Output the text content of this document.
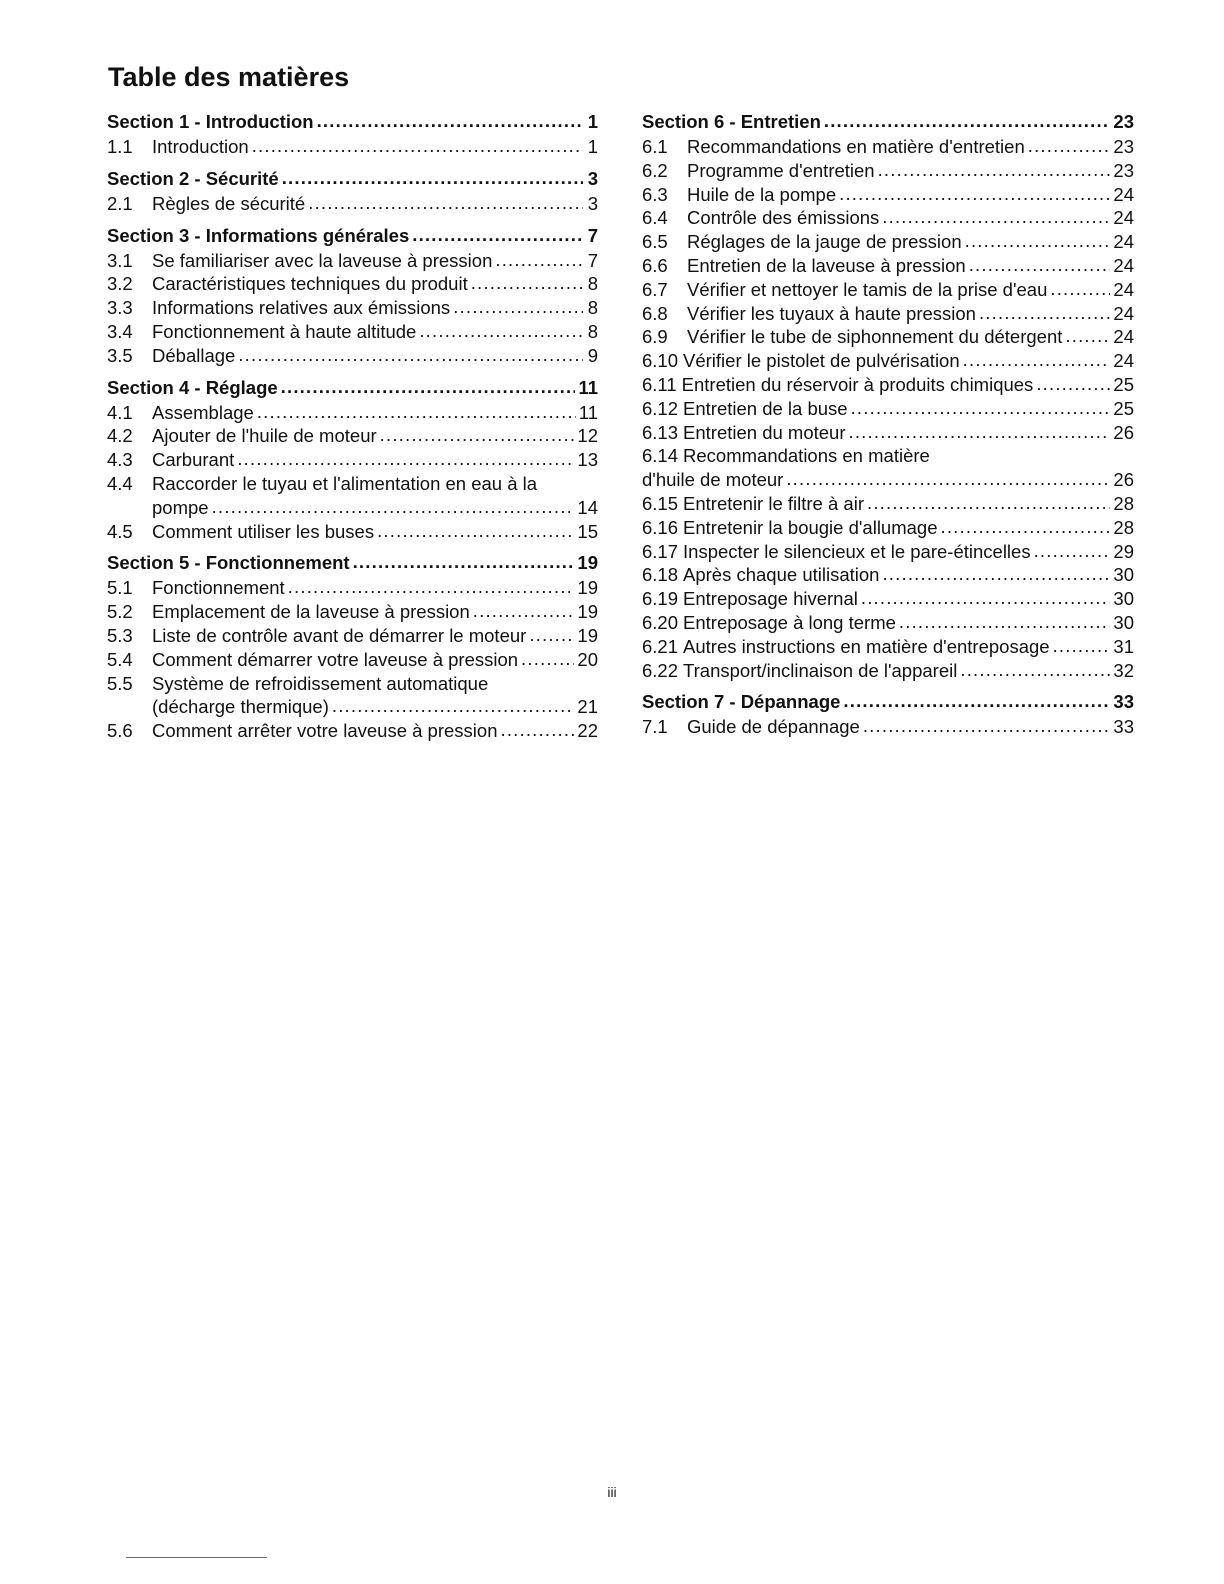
Table des matières
Section 1 - Introduction .....	1
1.1	Introduction .....	1
Section 2 - Sécurité .....	3
2.1	Règles de sécurité .....	3
Section 3 - Informations générales .....	7
3.1	Se familiariser avec la laveuse à pression .....	7
3.2	Caractéristiques techniques du produit .....	8
3.3	Informations relatives aux émissions .....	8
3.4	Fonctionnement à haute altitude .....	8
3.5	Déballage .....	9
Section 4 - Réglage .....	11
4.1	Assemblage .....	11
4.2	Ajouter de l'huile de moteur .....	12
4.3	Carburant .....	13
4.4	Raccorder le tuyau et l'alimentation en eau à la
pompe .....	14
4.5	Comment utiliser les buses .....	15
Section 5 - Fonctionnement .....	19
5.1	Fonctionnement .....	19
5.2	Emplacement de la laveuse à pression .....	19
5.3	Liste de contrôle avant de démarrer le moteur .....	19
5.4	Comment démarrer votre laveuse à pression .....	20
5.5	Système de refroidissement automatique
(décharge thermique) .....	21
5.6	Comment arrêter votre laveuse à pression .....	22
Section 6 - Entretien .....	23
6.1	Recommandations en matière d'entretien .....	23
6.2	Programme d'entretien .....	23
6.3	Huile de la pompe .....	24
6.4	Contrôle des émissions .....	24
6.5	Réglages de la jauge de pression .....	24
6.6	Entretien de la laveuse à pression .....	24
6.7	Vérifier et nettoyer le tamis de la prise d'eau .....	24
6.8	Vérifier les tuyaux à haute pression .....	24
6.9	Vérifier le tube de siphonnement du détergent .....	24
6.10 Vérifier le pistolet de pulvérisation .....	24
6.11 Entretien du réservoir à produits chimiques .....	25
6.12 Entretien de la buse .....	25
6.13 Entretien du moteur .....	26
6.14 Recommandations en matière
d'huile de moteur .....	26
6.15 Entretenir le filtre à air .....	28
6.16 Entretenir la bougie d'allumage .....	28
6.17 Inspecter le silencieux et le pare-étincelles .....	29
6.18 Après chaque utilisation .....	30
6.19 Entreposage hivernal .....	30
6.20 Entreposage à long terme .....	30
6.21 Autres instructions en matière d'entreposage .....	31
6.22 Transport/inclinaison de l'appareil .....	32
Section 7 - Dépannage .....	33
7.1	Guide de dépannage .....	33
iii
